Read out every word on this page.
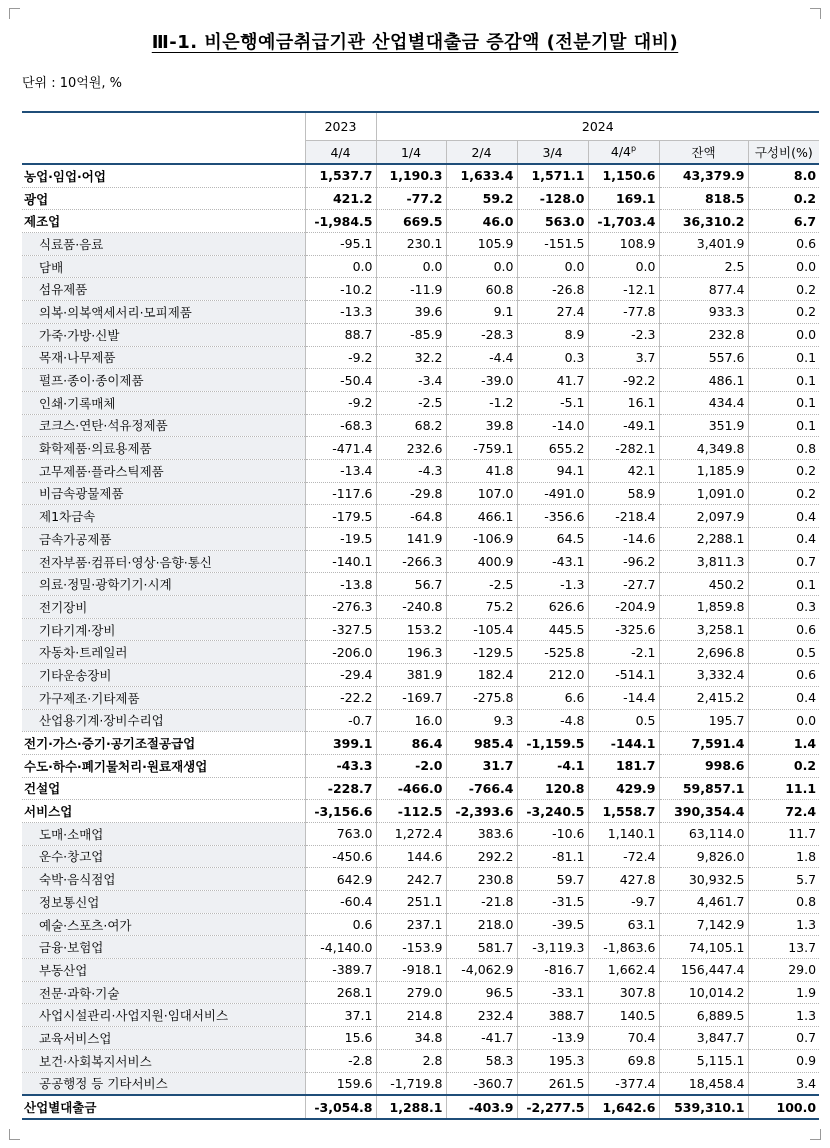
Ⅲ-1. 비은행예금취급기관 산업별대출금 증감액 (전분기말 대비)
단위 : 10억원, %
	2023	2024					
	4/4	1/4	2/4	3/4	4/4$^p$	잔액	구성비(%)
농업·임업·어업	1,537.7	1,190.3	1,633.4	1,571.1	1,150.6	43,379.9	8.0
광업	421.2	-77.2	59.2	-128.0	169.1	818.5	0.2
제조업	-1,984.5	669.5	46.0	563.0	-1,703.4	36,310.2	6.7
식료품·음료	-95.1	230.1	105.9	-151.5	108.9	3,401.9	0.6
담배	0.0	0.0	0.0	0.0	0.0	2.5	0.0
섬유제품	-10.2	-11.9	60.8	-26.8	-12.1	877.4	0.2
의복·의복액세서리·모피제품	-13.3	39.6	9.1	27.4	-77.8	933.3	0.2
가죽·가방·신발	88.7	-85.9	-28.3	8.9	-2.3	232.8	0.0
목재·나무제품	-9.2	32.2	-4.4	0.3	3.7	557.6	0.1
펄프·종이·종이제품	-50.4	-3.4	-39.0	41.7	-92.2	486.1	0.1
인쇄·기록매체	-9.2	-2.5	-1.2	-5.1	16.1	434.4	0.1
코크스·연탄·석유정제품	-68.3	68.2	39.8	-14.0	-49.1	351.9	0.1
화학제품·의료용제품	-471.4	232.6	-759.1	655.2	-282.1	4,349.8	0.8
고무제품·플라스틱제품	-13.4	-4.3	41.8	94.1	42.1	1,185.9	0.2
비금속광물제품	-117.6	-29.8	107.0	-491.0	58.9	1,091.0	0.2
제1차금속	-179.5	-64.8	466.1	-356.6	-218.4	2,097.9	0.4
금속가공제품	-19.5	141.9	-106.9	64.5	-14.6	2,288.1	0.4
전자부품·컴퓨터·영상·음향·통신	-140.1	-266.3	400.9	-43.1	-96.2	3,811.3	0.7
의료·정밀·광학기기·시계	-13.8	56.7	-2.5	-1.3	-27.7	450.2	0.1
전기장비	-276.3	-240.8	75.2	626.6	-204.9	1,859.8	0.3
기타기계·장비	-327.5	153.2	-105.4	445.5	-325.6	3,258.1	0.6
자동차·트레일러	-206.0	196.3	-129.5	-525.8	-2.1	2,696.8	0.5
기타운송장비	-29.4	381.9	182.4	212.0	-514.1	3,332.4	0.6
가구제조·기타제품	-22.2	-169.7	-275.8	6.6	-14.4	2,415.2	0.4
산업용기계·장비수리업	-0.7	16.0	9.3	-4.8	0.5	195.7	0.0
전기·가스·증기·공기조절공급업	399.1	86.4	985.4	-1,159.5	-144.1	7,591.4	1.4
수도·하수·폐기물처리·원료재생업	-43.3	-2.0	31.7	-4.1	181.7	998.6	0.2
건설업	-228.7	-466.0	-766.4	120.8	429.9	59,857.1	11.1
서비스업	-3,156.6	-112.5	-2,393.6	-3,240.5	1,558.7	390,354.4	72.4
도매·소매업	763.0	1,272.4	383.6	-10.6	1,140.1	63,114.0	11.7
운수·창고업	-450.6	144.6	292.2	-81.1	-72.4	9,826.0	1.8
숙박·음식점업	642.9	242.7	230.8	59.7	427.8	30,932.5	5.7
정보통신업	-60.4	251.1	-21.8	-31.5	-9.7	4,461.7	0.8
예술·스포츠·여가	0.6	237.1	218.0	-39.5	63.1	7,142.9	1.3
금융·보험업	-4,140.0	-153.9	581.7	-3,119.3	-1,863.6	74,105.1	13.7
부동산업	-389.7	-918.1	-4,062.9	-816.7	1,662.4	156,447.4	29.0
전문·과학·기술	268.1	279.0	96.5	-33.1	307.8	10,014.2	1.9
사업시설관리·사업지원·임대서비스	37.1	214.8	232.4	388.7	140.5	6,889.5	1.3
교육서비스업	15.6	34.8	-41.7	-13.9	70.4	3,847.7	0.7
보건·사회복지서비스	-2.8	2.8	58.3	195.3	69.8	5,115.1	0.9
공공행정 등 기타서비스	159.6	-1,719.8	-360.7	261.5	-377.4	18,458.4	3.4
산업별대출금	-3,054.8	1,288.1	-403.9	-2,277.5	1,642.6	539,310.1	100.0
